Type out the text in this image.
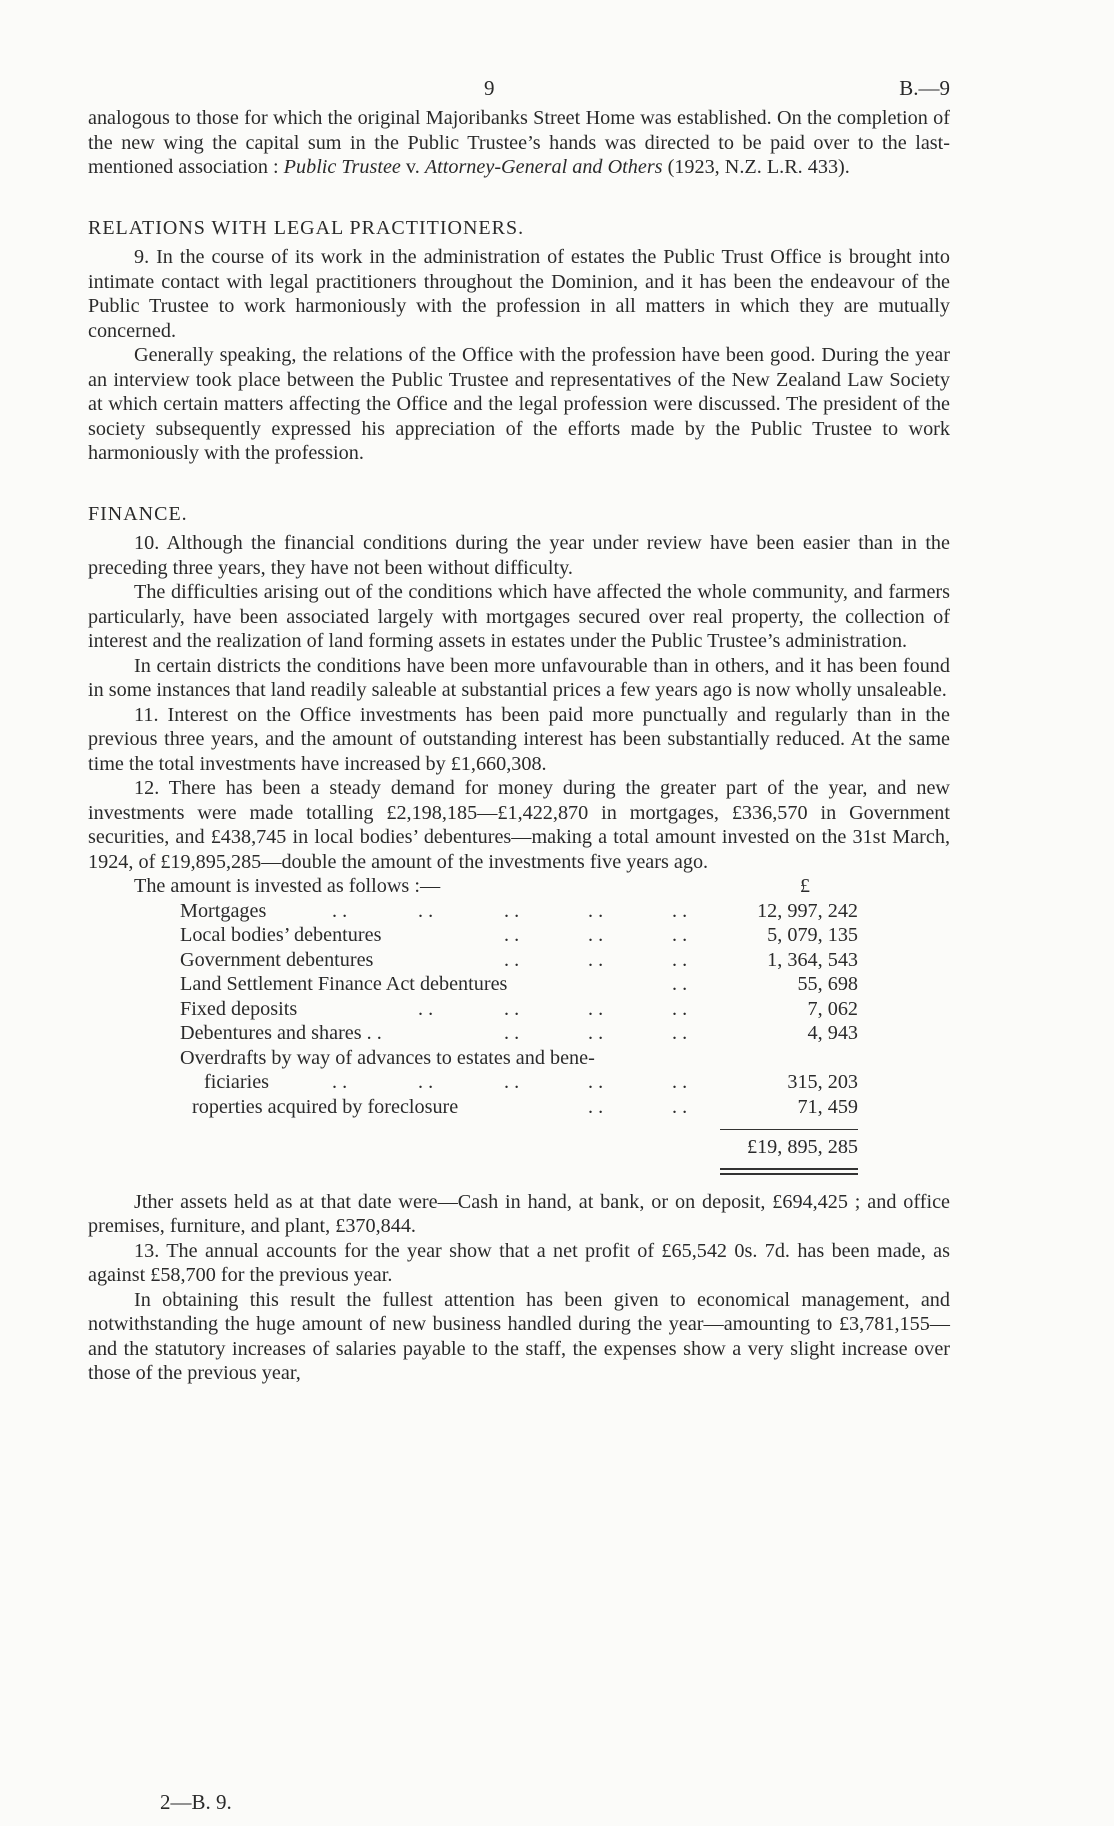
9	B.—9

analogous to those for which the original Majoribanks Street Home was established. On the completion of the new wing the capital sum in the Public Trustee’s hands was directed to be paid over to the last-mentioned association : Public Trustee v. Attorney-General and Others (1923, N.Z. L.R. 433).

RELATIONS WITH LEGAL PRACTITIONERS.

9. In the course of its work in the administration of estates the Public Trust Office is brought into intimate contact with legal practitioners throughout the Dominion, and it has been the endeavour of the Public Trustee to work harmoniously with the profession in all matters in which they are mutually concerned.

Generally speaking, the relations of the Office with the profession have been good. During the year an interview took place between the Public Trustee and representatives of the New Zealand Law Society at which certain matters affecting the Office and the legal profession were discussed. The president of the society subsequently expressed his appreciation of the efforts made by the Public Trustee to work harmoniously with the profession.

FINANCE.

10. Although the financial conditions during the year under review have been easier than in the preceding three years, they have not been without difficulty.

The difficulties arising out of the conditions which have affected the whole community, and farmers particularly, have been associated largely with mortgages secured over real property, the collection of interest and the realization of land forming assets in estates under the Public Trustee’s administration.

In certain districts the conditions have been more unfavourable than in others, and it has been found in some instances that land readily saleable at substantial prices a few years ago is now wholly unsaleable.

11. Interest on the Office investments has been paid more punctually and regularly than in the previous three years, and the amount of outstanding interest has been substantially reduced. At the same time the total investments have increased by £1,660,308.

12. There has been a steady demand for money during the greater part of the year, and new investments were made totalling £2,198,185—£1,422,870 in mortgages, £336,570 in Government securities, and £438,745 in local bodies’ debentures—making a total amount invested on the 31st March, 1924, of £19,895,285—double the amount of the investments five years ago.

The amount is invested as follows :—	£
Mortgages	. .	. .	. .	. .	. .	12, 997, 242
Local bodies’ debentures	. .	. .	. .	5, 079, 135
Government debentures	. .	. .	. .	1, 364, 543
Land Settlement Finance Act debentures	. .	55, 698
Fixed deposits	. .	. .	. .	. .	7, 062
Debentures and shares . .	. .	. .	. .	4, 943
Overdrafts by way of advances to estates and bene-
ficiaries	. .	. .	. .	. .	. .	315, 203
roperties acquired by foreclosure	. .	. .	71, 459
£19, 895, 285

Jther assets held as at that date were—Cash in hand, at bank, or on deposit, £694,425 ; and office premises, furniture, and plant, £370,844.

13. The annual accounts for the year show that a net profit of £65,542 0s. 7d. has been made, as against £58,700 for the previous year.

In obtaining this result the fullest attention has been given to economical management, and notwithstanding the huge amount of new business handled during the year—amounting to £3,781,155—and the statutory increases of salaries payable to the staff, the expenses show a very slight increase over those of the previous year,

2—B. 9.
